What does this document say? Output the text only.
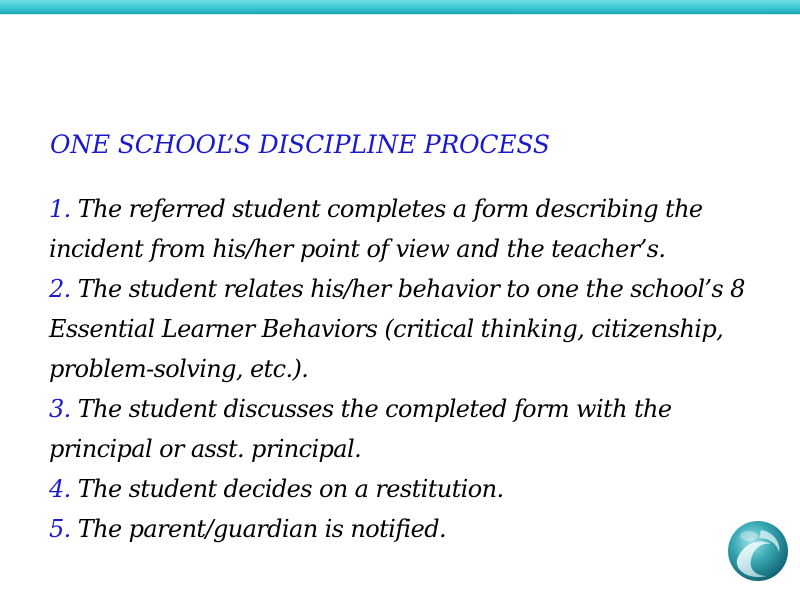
ONE SCHOOL’S DISCIPLINE PROCESS

1. The referred student completes a form describing the incident from his/her point of view and the teacher’s.

2. The student relates his/her behavior to one the school’s 8 Essential Learner Behaviors (critical thinking, citizenship, problem-solving, etc.).

3. The student discusses the completed form with the principal or asst. principal.

4. The student decides on a restitution.

5. The parent/guardian is notified.
